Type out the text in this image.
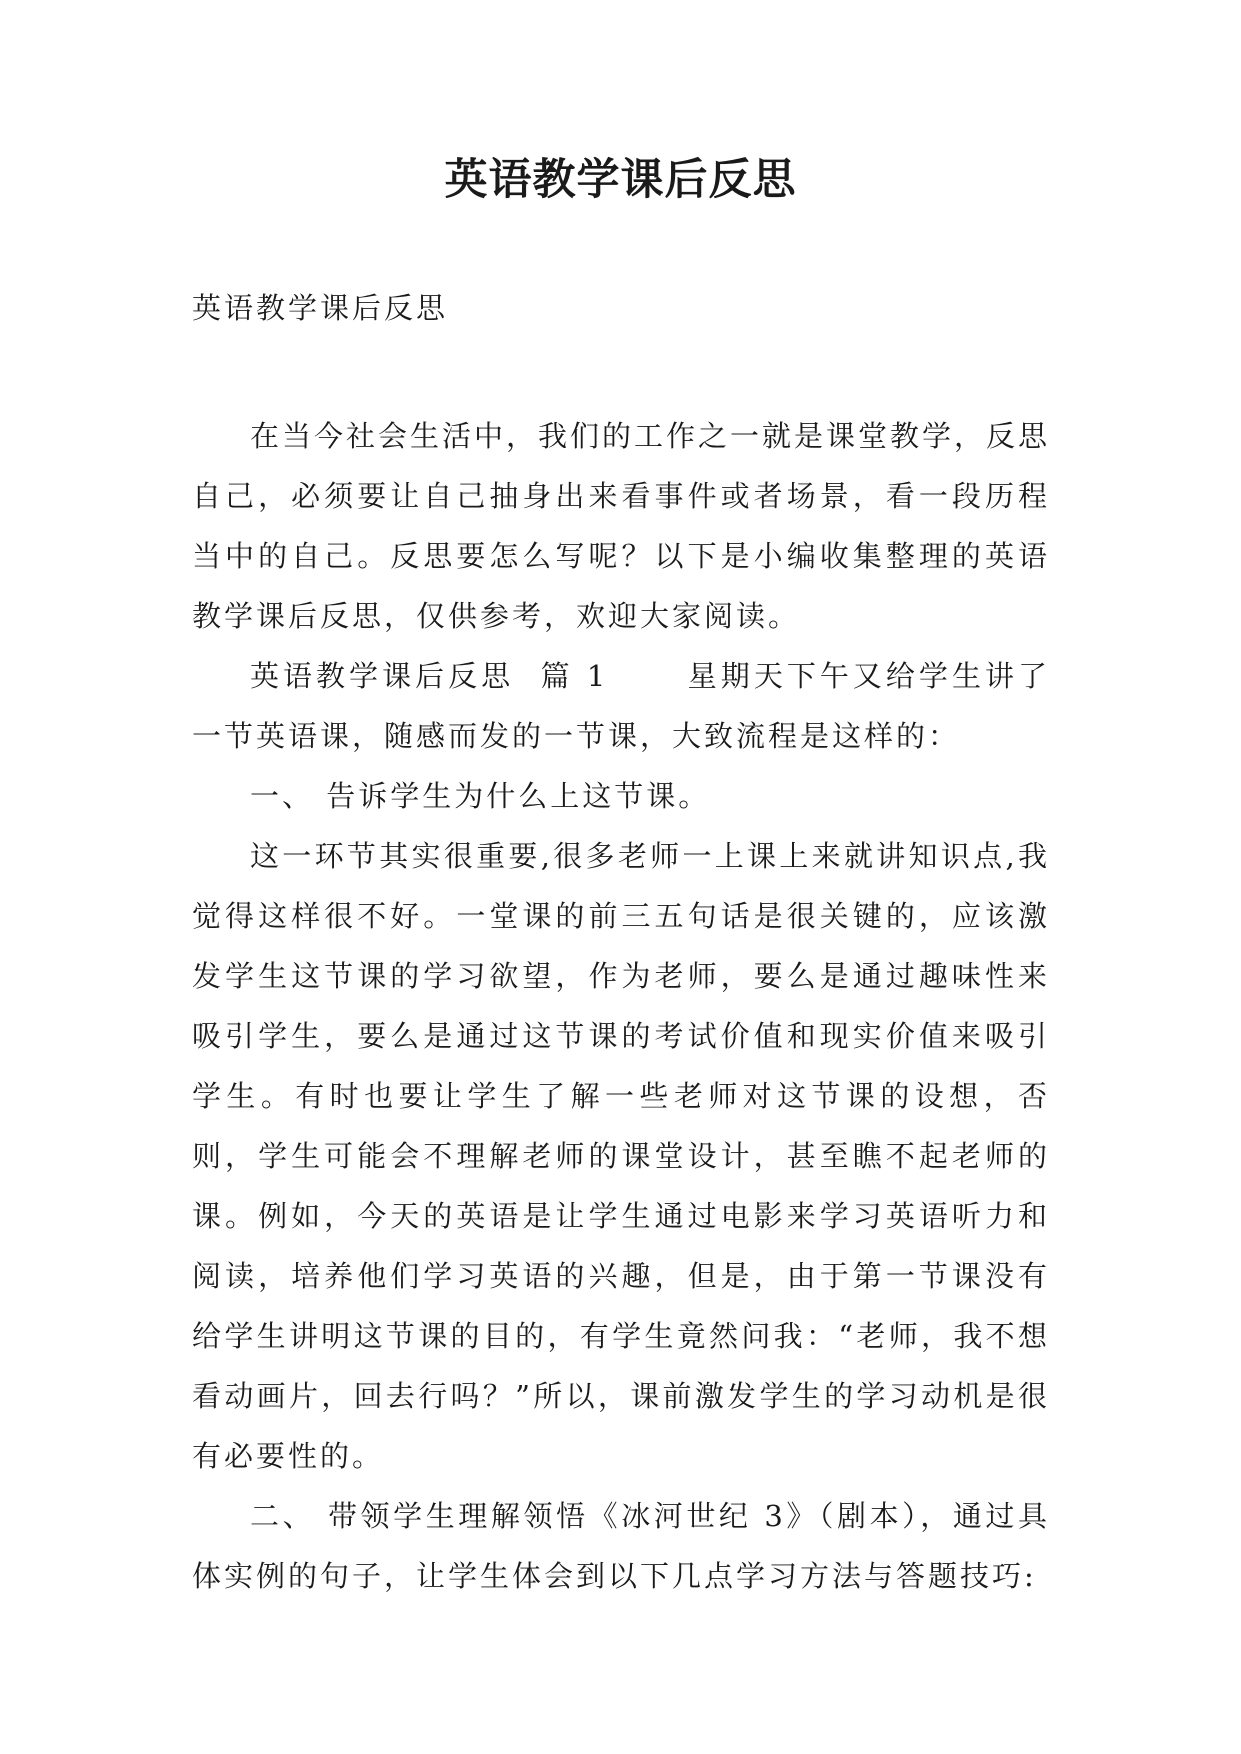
英语教学课后反思
英语教学课后反思

在当今社会生活中，我们的工作之一就是课堂教学，反思自己，必须要让自己抽身出来看事件或者场景，看一段历程当中的自己。反思要怎么写呢？以下是小编收集整理的英语教学课后反思，仅供参考，欢迎大家阅读。

英语教学课后反思  篇 1      星期天下午又给学生讲了一节英语课，随感而发的一节课，大致流程是这样的：

一、 告诉学生为什么上这节课。

这一环节其实很重要,很多老师一上课上来就讲知识点,我觉得这样很不好。一堂课的前三五句话是很关键的，应该激发学生这节课的学习欲望，作为老师，要么是通过趣味性来吸引学生，要么是通过这节课的考试价值和现实价值来吸引学生。有时也要让学生了解一些老师对这节课的设想，否则，学生可能会不理解老师的课堂设计，甚至瞧不起老师的课。例如，今天的英语是让学生通过电影来学习英语听力和阅读，培养他们学习英语的兴趣，但是，由于第一节课没有给学生讲明这节课的目的，有学生竟然问我：“老师，我不想看动画片，回去行吗？”所以，课前激发学生的学习动机是很有必要性的。

二、 带领学生理解领悟《冰河世纪 3》（剧本），通过具体实例的句子，让学生体会到以下几点学习方法与答题技巧:
